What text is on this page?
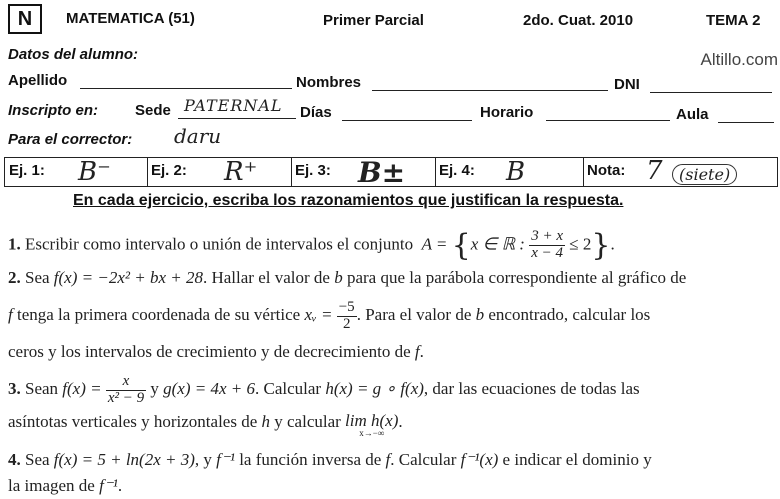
N	MATEMATICA (51)	Primer Parcial	2do. Cuat. 2010	TEMA 2
Altillo.com
Datos del alumno:
Apellido	Nombres	DNI
Inscripto en: Sede PATERNAL Días	Horario	Aula
Para el corrector: daru
Ej. 1:	Ej. 2:	Ej. 3:	Ej. 4:	Nota:
B⁻	R⁺	B±	B	7	(siete)
En cada ejercicio, escriba los razonamientos que justifican la respuesta.
1. Escribir como intervalo o unión de intervalos el conjunto A = {x ∈ ℝ : $\frac{3 + x}{x - 4} \le 2$}.
2. Sea f(x) = −2x² + bx + 28. Hallar el valor de b para que la parábola correspondiente al gráfico de
f tenga la primera coordenada de su vértice xᵥ = $\frac{-5}{2}$ . Para el valor de b encontrado, calcular los
ceros y los intervalos de crecimiento y de decrecimiento de f.
3. Sean $f(x) = \frac{x}{\text{x² − 9}}$ y g(x) = 4x + 6. Calcular h(x) = g ∘ f(x), dar las ecuaciones de todas las
asíntotas verticales y horizontales de h y calcular lim h(x)
x→−∞
.
4. Sea f(x) = 5 + ln(2x + 3), y f⁻¹ la función inversa de f. Calcular f⁻¹(x) e indicar el dominio y
la imagen de f⁻¹.
